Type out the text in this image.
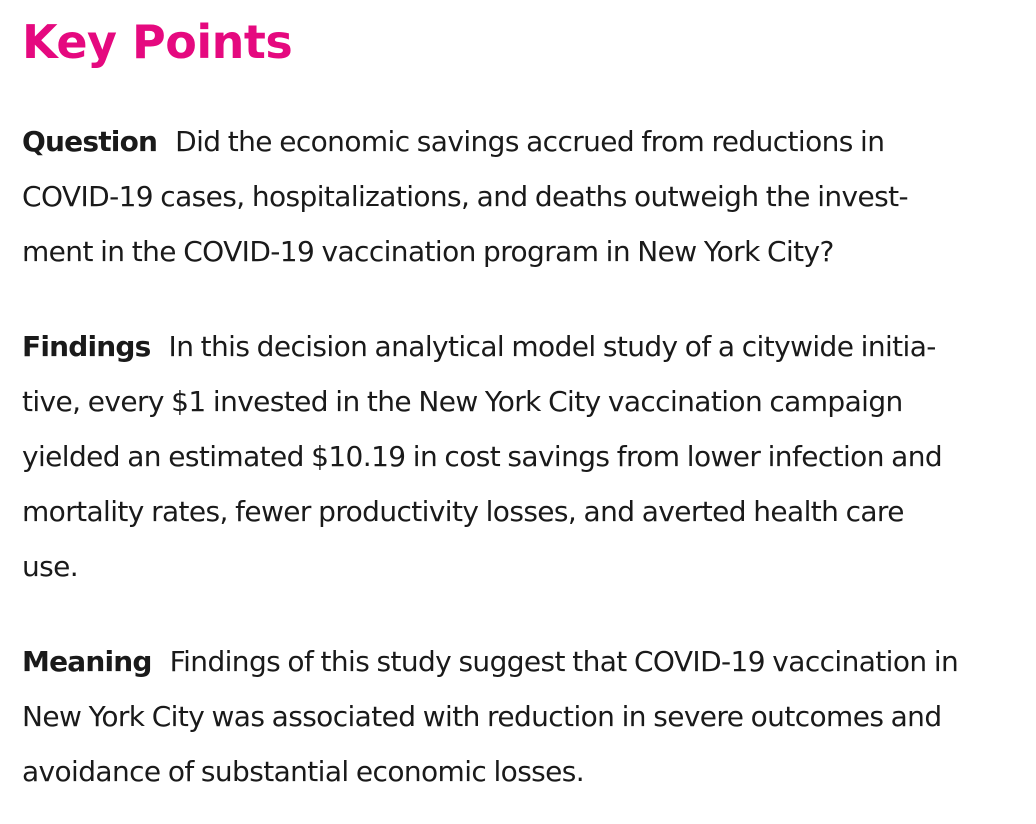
Key Points

Question Did the economic savings accrued from reductions in
COVID-19 cases, hospitalizations, and deaths outweigh the invest-
ment in the COVID-19 vaccination program in New York City?

Findings In this decision analytical model study of a citywide initia-
tive, every $1 invested in the New York City vaccination campaign
yielded an estimated $10.19 in cost savings from lower infection and
mortality rates, fewer productivity losses, and averted health care
use.

Meaning Findings of this study suggest that COVID-19 vaccination in
New York City was associated with reduction in severe outcomes and
avoidance of substantial economic losses.
